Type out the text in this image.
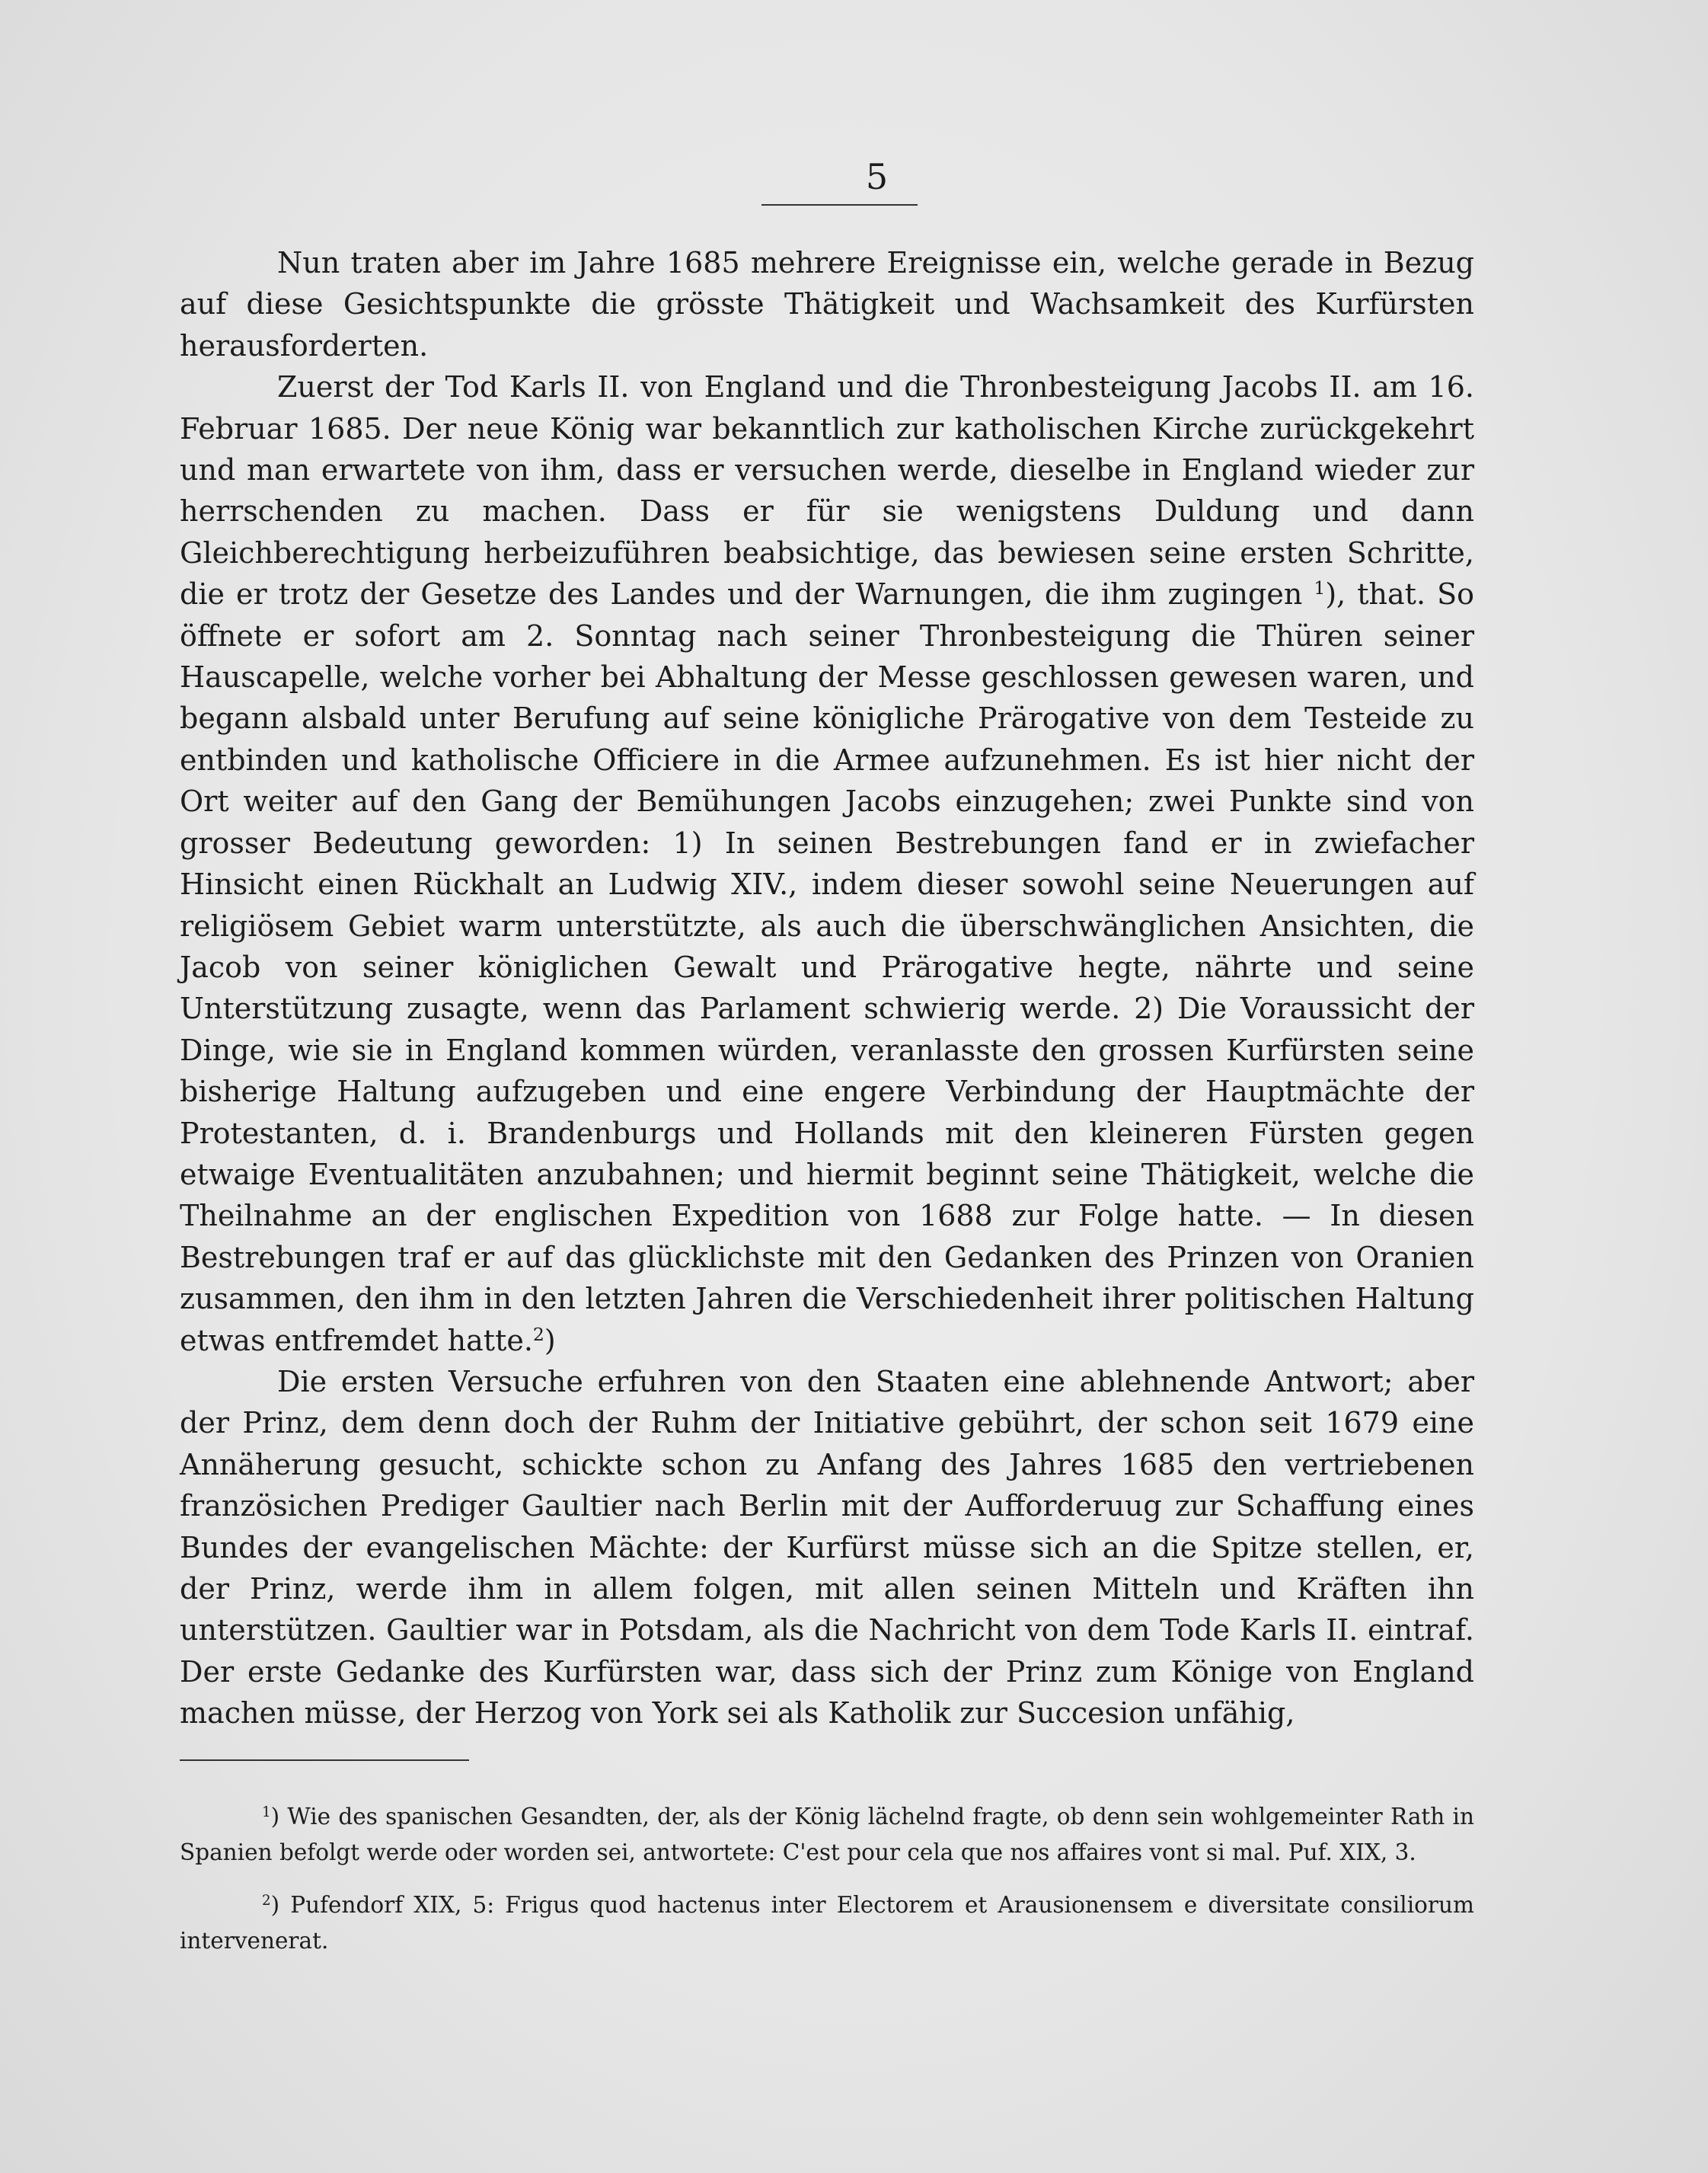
5

Nun traten aber im Jahre 1685 mehrere Ereignisse ein, welche gerade in Bezug auf diese Gesichtspunkte die grösste Thätigkeit und Wachsamkeit des Kurfürsten herausforderten.

Zuerst der Tod Karls II. von England und die Thronbesteigung Jacobs II. am 16. Februar 1685. Der neue König war bekanntlich zur katholischen Kirche zurückgekehrt und man erwartete von ihm, dass er versuchen werde, dieselbe in England wieder zur herrschenden zu machen. Dass er für sie wenigstens Duldung und dann Gleichberechtigung herbeizuführen beabsichtige, das bewiesen seine ersten Schritte, die er trotz der Gesetze des Landes und der Warnungen, die ihm zugingen $^1$), that. So öffnete er sofort am 2. Sonntag nach seiner Thronbesteigung die Thüren seiner Hauscapelle, welche vorher bei Abhaltung der Messe geschlossen gewesen waren, und begann alsbald unter Berufung auf seine königliche Prärogative von dem Testeide zu entbinden und katholische Officiere in die Armee aufzunehmen. Es ist hier nicht der Ort weiter auf den Gang der Bemühungen Jacobs einzugehen; zwei Punkte sind von grosser Bedeutung geworden: 1) In seinen Bestrebungen fand er in zwiefacher Hinsicht einen Rückhalt an Ludwig XIV., indem dieser sowohl seine Neuerungen auf religiösem Gebiet warm unterstützte, als auch die überschwänglichen Ansichten, die Jacob von seiner königlichen Gewalt und Prärogative hegte, nährte und seine Unterstützung zusagte, wenn das Parlament schwierig werde. 2) Die Voraussicht der Dinge, wie sie in England kommen würden, veranlasste den grossen Kurfürsten seine bisherige Haltung aufzugeben und eine engere Verbindung der Hauptmächte der Protestanten, d. i. Brandenburgs und Hollands mit den kleineren Fürsten gegen etwaige Eventualitäten anzubahnen; und hiermit beginnt seine Thätigkeit, welche die Theilnahme an der englischen Expedition von 1688 zur Folge hatte. — In diesen Bestrebungen traf er auf das glücklichste mit den Gedanken des Prinzen von Oranien zusammen, den ihm in den letzten Jahren die Verschiedenheit ihrer politischen Haltung etwas entfremdet hatte.$^2$)

Die ersten Versuche erfuhren von den Staaten eine ablehnende Antwort; aber der Prinz, dem denn doch der Ruhm der Initiative gebührt, der schon seit 1679 eine Annäherung gesucht, schickte schon zu Anfang des Jahres 1685 den vertriebenen französichen Prediger Gaultier nach Berlin mit der Aufforderuug zur Schaffung eines Bundes der evangelischen Mächte: der Kurfürst müsse sich an die Spitze stellen, er, der Prinz, werde ihm in allem folgen, mit allen seinen Mitteln und Kräften ihn unterstützen. Gaultier war in Potsdam, als die Nachricht von dem Tode Karls II. eintraf. Der erste Gedanke des Kurfürsten war, dass sich der Prinz zum Könige von England machen müsse, der Herzog von York sei als Katholik zur Succesion unfähig,

$^1$) Wie des spanischen Gesandten, der, als der König lächelnd fragte, ob denn sein wohlgemeinter Rath in Spanien befolgt werde oder worden sei, antwortete: C'est pour cela que nos affaires vont si mal. Puf. XIX, 3.

$^2$) Pufendorf XIX, 5: Frigus quod hactenus inter Electorem et Arausionensem e diversitate consiliorum intervenerat.
